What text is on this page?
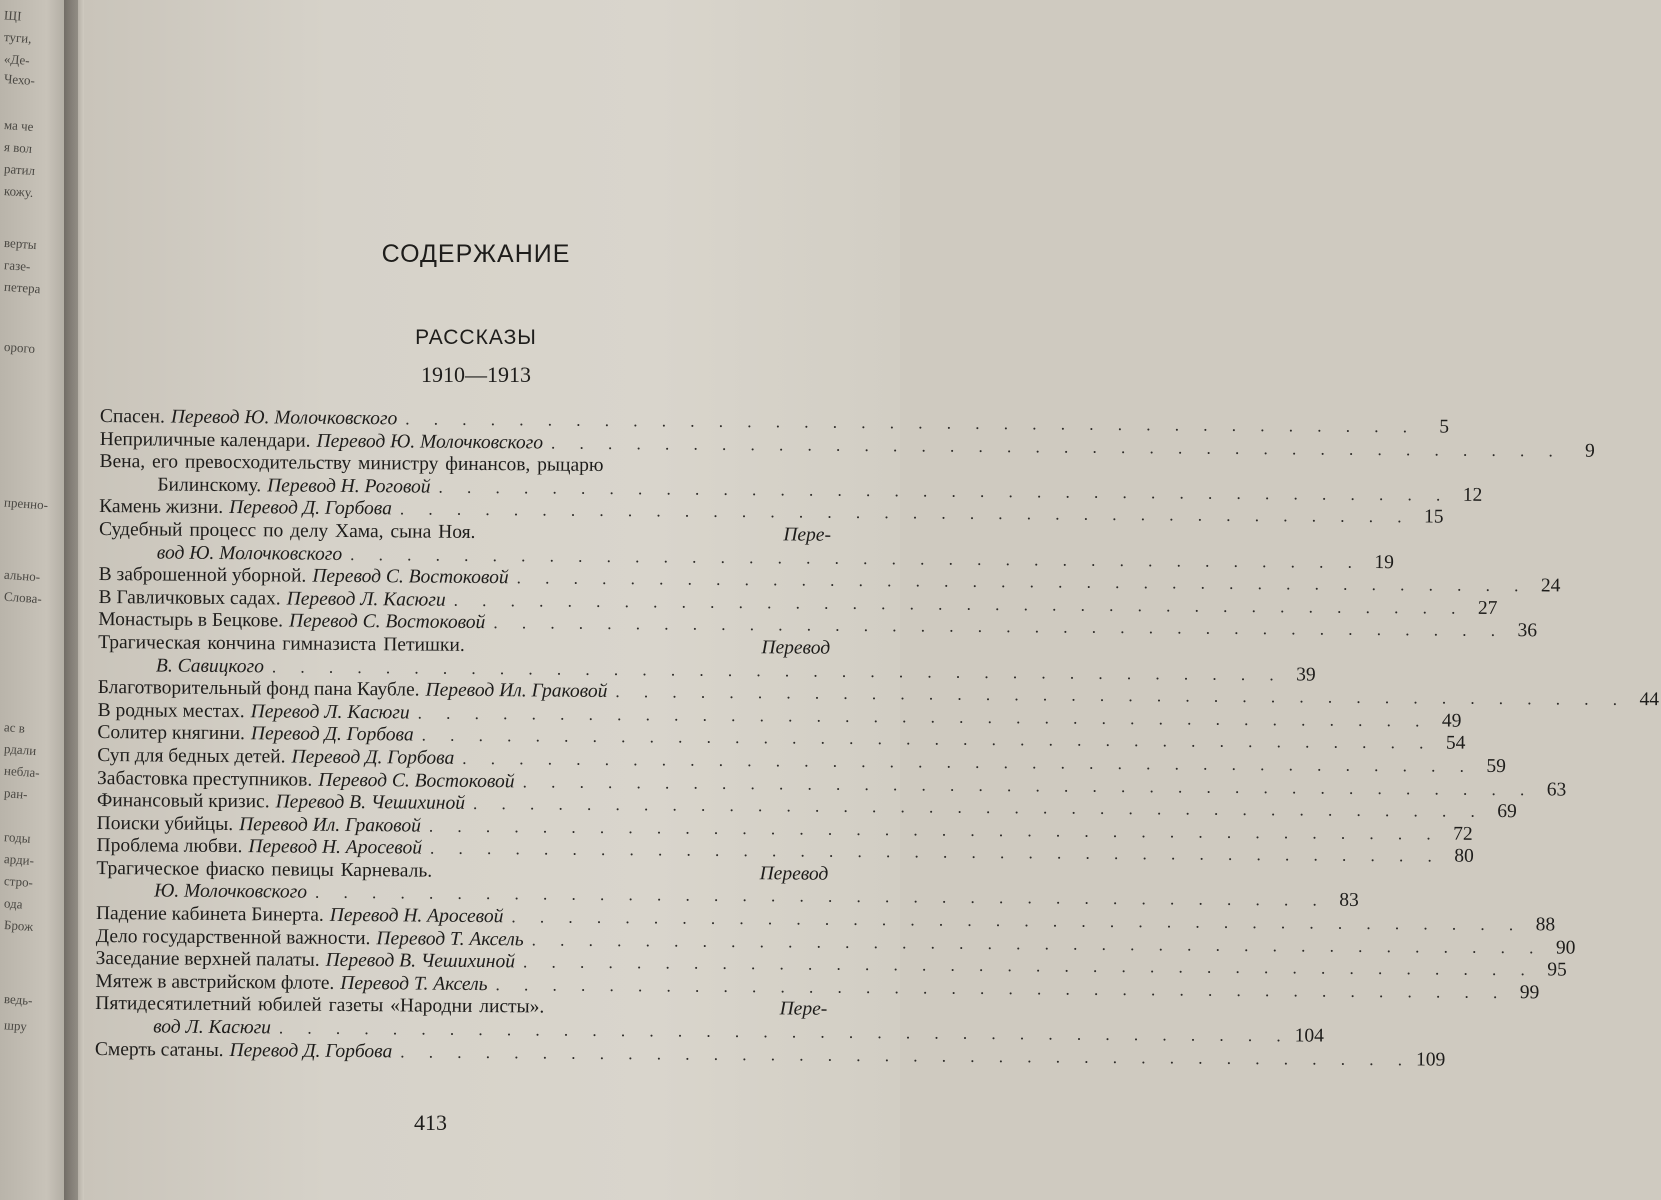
ЩІ
туги,
«Де-
Чехо-
ма че
я вол
ратил
кожу.
верты
газе-
петера
орого
пренно-
ально-
Слова-
ас в
рдали
небла-
ран-
годы
арди-
стро-
ода
Брож
ведь-
шру
СОДЕРЖАНИЕ
РАССКАЗЫ
1910—1913
Спасен. Перевод Ю. Молочковского . . . . . . . . . . . . . . . . . . . . . . . . . . . . . . . . . . . .	5
Неприличные календари. Перевод Ю. Молочковского . . . . . . . . . . . . . . . . . . . . . . . . . . . . . . . . . . . .	9
Вена, его превосходительству министру финансов, рыцарю
Билинскому. Перевод Н. Роговой . . . . . . . . . . . . . . . . . . . . . . . . . . . . . . . . . . . . 12
Камень жизни. Перевод Д. Горбова . . . . . . . . . . . . . . . . . . . . . . . . . . . . . . . . . . . . 15
Судебный процесс по делу Хама, сына Ноя.	Пере-
вод Ю. Молочковского . . . . . . . . . . . . . . . . . . . . . . . . . . . . . . . . . . . . 19
В заброшенной уборной. Перевод С. Востоковой . . . . . . . . . . . . . . . . . . . . . . . . . . . . . . . . . . . . 24
В Гавличковых садах. Перевод Л. Касюги . . . . . . . . . . . . . . . . . . . . . . . . . . . . . . . . . . . . 27
Монастырь в Бецкове. Перевод С. Востоковой . . . . . . . . . . . . . . . . . . . . . . . . . . . . . . . . . . . . 36
Трагическая кончина гимназиста Петишки.	Перевод
В. Савицкого . . . . . . . . . . . . . . . . . . . . . . . . . . . . . . . . . . . . 39
Благотворительный фонд пана Каубле. Перевод Ил. Граковой . . . . . . . . . . . . . . . . . . . . . . . . . . . . . . . . . . . . 44
В родных местах. Перевод Л. Касюги . . . . . . . . . . . . . . . . . . . . . . . . . . . . . . . . . . . . 49
Солитер княгини. Перевод Д. Горбова . . . . . . . . . . . . . . . . . . . . . . . . . . . . . . . . . . . . 54
Суп для бедных детей. Перевод Д. Горбова . . . . . . . . . . . . . . . . . . . . . . . . . . . . . . . . . . . . 59
Забастовка преступников. Перевод С. Востоковой . . . . . . . . . . . . . . . . . . . . . . . . . . . . . . . . . . . . 63
Финансовый кризис. Перевод В. Чешихиной . . . . . . . . . . . . . . . . . . . . . . . . . . . . . . . . . . . . 69
Поиски убийцы. Перевод Ил. Граковой . . . . . . . . . . . . . . . . . . . . . . . . . . . . . . . . . . . . 72
Проблема любви. Перевод Н. Аросевой . . . . . . . . . . . . . . . . . . . . . . . . . . . . . . . . . . . . 80
Трагическое фиаско певицы Карневаль.	Перевод
Ю. Молочковского . . . . . . . . . . . . . . . . . . . . . . . . . . . . . . . . . . . . 83
Падение кабинета Бинерта. Перевод Н. Аросевой . . . . . . . . . . . . . . . . . . . . . . . . . . . . . . . . . . . . 88
Дело государственной важности. Перевод Т. Аксель . . . . . . . . . . . . . . . . . . . . . . . . . . . . . . . . . . . . 90
Заседание верхней палаты. Перевод В. Чешихиной . . . . . . . . . . . . . . . . . . . . . . . . . . . . . . . . . . . . 95
Мятеж в австрийском флоте. Перевод Т. Аксель . . . . . . . . . . . . . . . . . . . . . . . . . . . . . . . . . . . . 99
Пятидесятилетний юбилей газеты «Народни листы».	Пере-
вод Л. Касюги . . . . . . . . . . . . . . . . . . . . . . . . . . . . . . . . . . . . 104
Смерть сатаны. Перевод Д. Горбова . . . . . . . . . . . . . . . . . . . . . . . . . . . . . . . . . . . . 109
413
